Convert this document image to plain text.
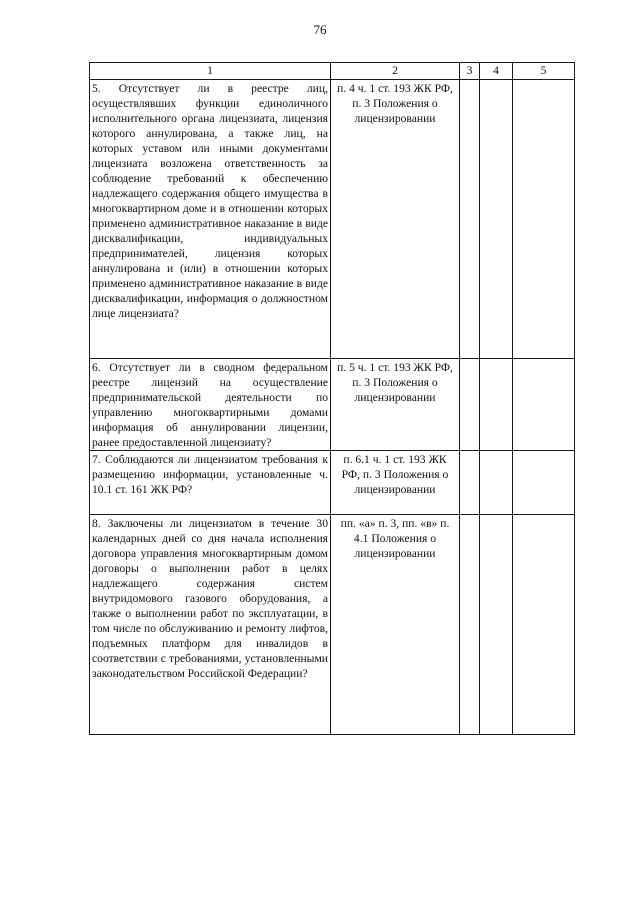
76
1	2	3	4	5
5. Отсутствует ли в реестре лиц, осуществлявших функции единоличного исполнительного органа лицензиата, лицензия которого аннулирована, а также лиц, на которых уставом или иными документами лицензиата возложена ответственность за соблюдение требований к обеспечению надлежащего содержания общего имущества в многоквартирном доме и в отношении которых применено административное наказание в виде дисквалификации, индивидуальных предпринимателей, лицензия которых аннулирована и (или) в отношении которых применено административное наказание в виде дисквалификации, информация о должностном лице лицензиата?	п. 4 ч. 1 ст. 193 ЖК РФ, п. 3 Положения о лицензировании			
6. Отсутствует ли в сводном федеральном реестре лицензий на осуществление предпринимательской деятельности по управлению многоквартирными домами информация об аннулировании лицензии, ранее предоставленной лицензиату?	п. 5 ч. 1 ст. 193 ЖК РФ, п. 3 Положения о лицензировании			
7. Соблюдаются ли лицензиатом требования к размещению информации, установленные ч. 10.1 ст. 161 ЖК РФ?	п. 6.1 ч. 1 ст. 193 ЖК РФ, п. 3 Положения о лицензировании			
8. Заключены ли лицензиатом в течение 30 календарных дней со дня начала исполнения договора управления многоквартирным домом договоры о выполнении работ в целях надлежащего содержания систем внутридомового газового оборудования, а также о выполнении работ по эксплуатации, в том числе по обслуживанию и ремонту лифтов, подъемных платформ для инвалидов в соответствии с требованиями, установленными законодательством Российской Федерации?	пп. «а» п. 3, пп. «в» п. 4.1 Положения о лицензировании			
